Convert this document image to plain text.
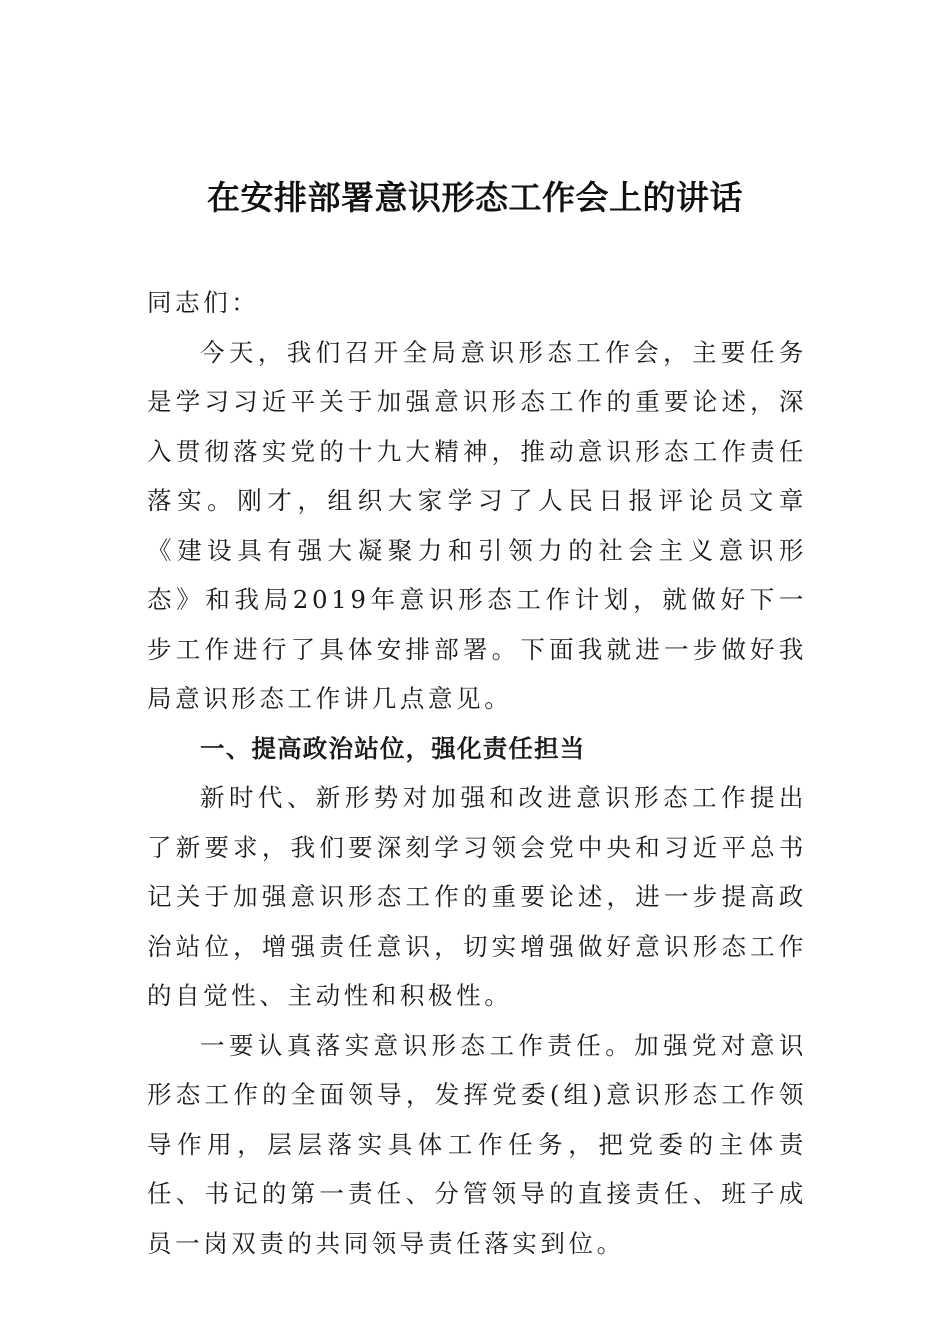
在安排部署意识形态工作会上的讲话

同志们：

今天，我们召开全局意识形态工作会，主要任务是学习习近平关于加强意识形态工作的重要论述，深入贯彻落实党的十九大精神，推动意识形态工作责任落实。刚才，组织大家学习了人民日报评论员文章《建设具有强大凝聚力和引领力的社会主义意识形态》和我局2019年意识形态工作计划，就做好下一步工作进行了具体安排部署。下面我就进一步做好我局意识形态工作讲几点意见。

一、提高政治站位，强化责任担当

新时代、新形势对加强和改进意识形态工作提出了新要求，我们要深刻学习领会党中央和习近平总书记关于加强意识形态工作的重要论述，进一步提高政治站位，增强责任意识，切实增强做好意识形态工作的自觉性、主动性和积极性。

一要认真落实意识形态工作责任。加强党对意识形态工作的全面领导，发挥党委(组)意识形态工作领导作用，层层落实具体工作任务，把党委的主体责任、书记的第一责任、分管领导的直接责任、班子成员一岗双责的共同领导责任落实到位。
